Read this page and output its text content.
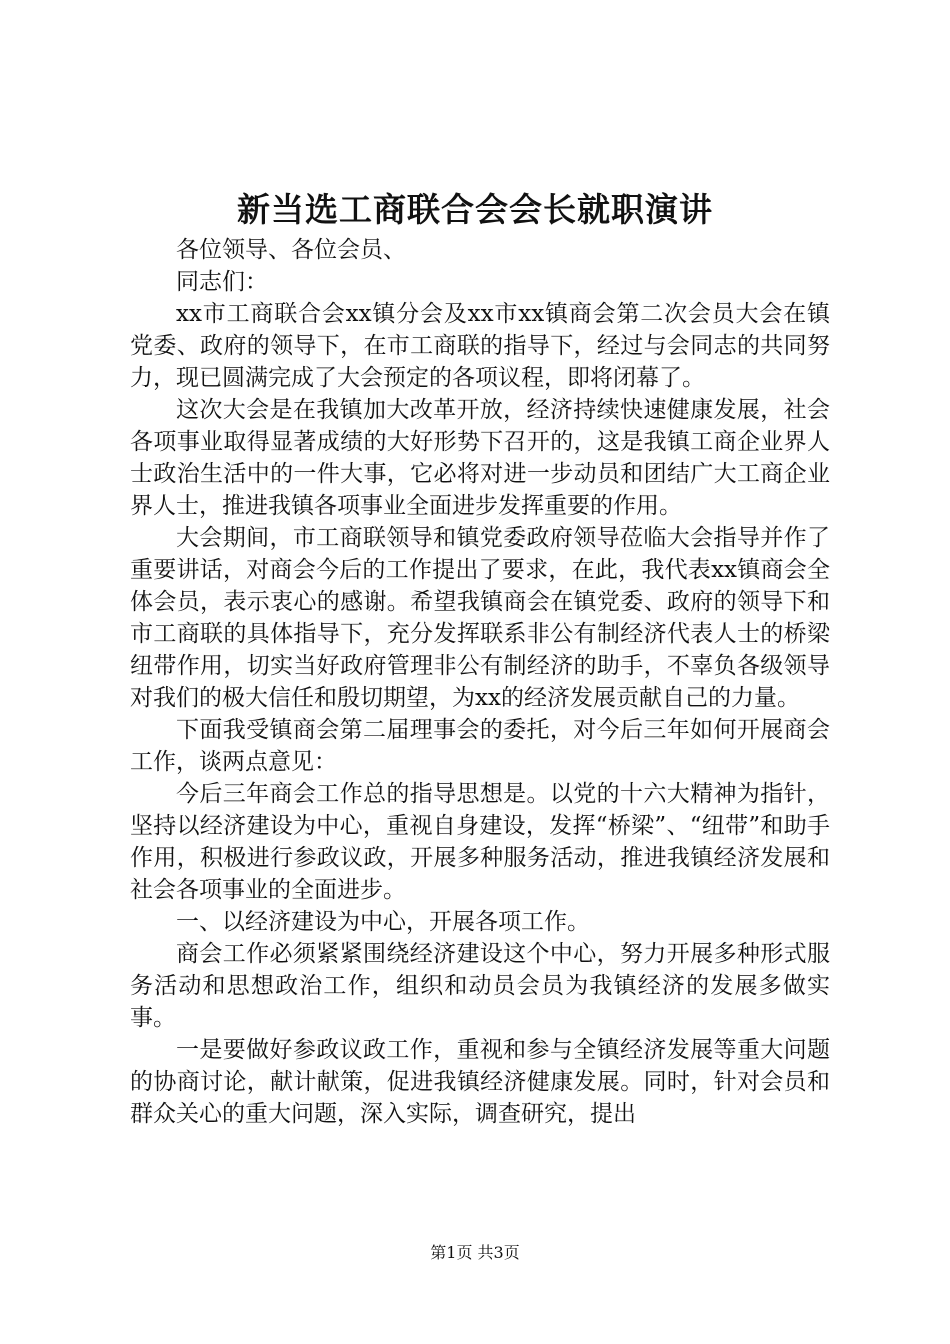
新当选工商联合会会长就职演讲

各位领导、各位会员、

同志们：

xx市工商联合会xx镇分会及xx市xx镇商会第二次会员大会在镇党委、政府的领导下，在市工商联的指导下，经过与会同志的共同努力，现已圆满完成了大会预定的各项议程，即将闭幕了。

这次大会是在我镇加大改革开放，经济持续快速健康发展，社会各项事业取得显著成绩的大好形势下召开的，这是我镇工商企业界人士政治生活中的一件大事，它必将对进一步动员和团结广大工商企业界人士，推进我镇各项事业全面进步发挥重要的作用。

大会期间，市工商联领导和镇党委政府领导莅临大会指导并作了重要讲话，对商会今后的工作提出了要求，在此，我代表xx镇商会全体会员，表示衷心的感谢。希望我镇商会在镇党委、政府的领导下和市工商联的具体指导下，充分发挥联系非公有制经济代表人士的桥梁纽带作用，切实当好政府管理非公有制经济的助手，不辜负各级领导对我们的极大信任和殷切期望，为xx的经济发展贡献自己的力量。

下面我受镇商会第二届理事会的委托，对今后三年如何开展商会工作，谈两点意见：

今后三年商会工作总的指导思想是。以党的十六大精神为指针，坚持以经济建设为中心，重视自身建设，发挥“桥梁”、“纽带”和助手作用，积极进行参政议政，开展多种服务活动，推进我镇经济发展和社会各项事业的全面进步。

一、以经济建设为中心，开展各项工作。

商会工作必须紧紧围绕经济建设这个中心，努力开展多种形式服务活动和思想政治工作，组织和动员会员为我镇经济的发展多做实事。

一是要做好参政议政工作，重视和参与全镇经济发展等重大问题的协商讨论，献计献策，促进我镇经济健康发展。同时，针对会员和群众关心的重大问题，深入实际，调查研究，提出

第1页 共3页
